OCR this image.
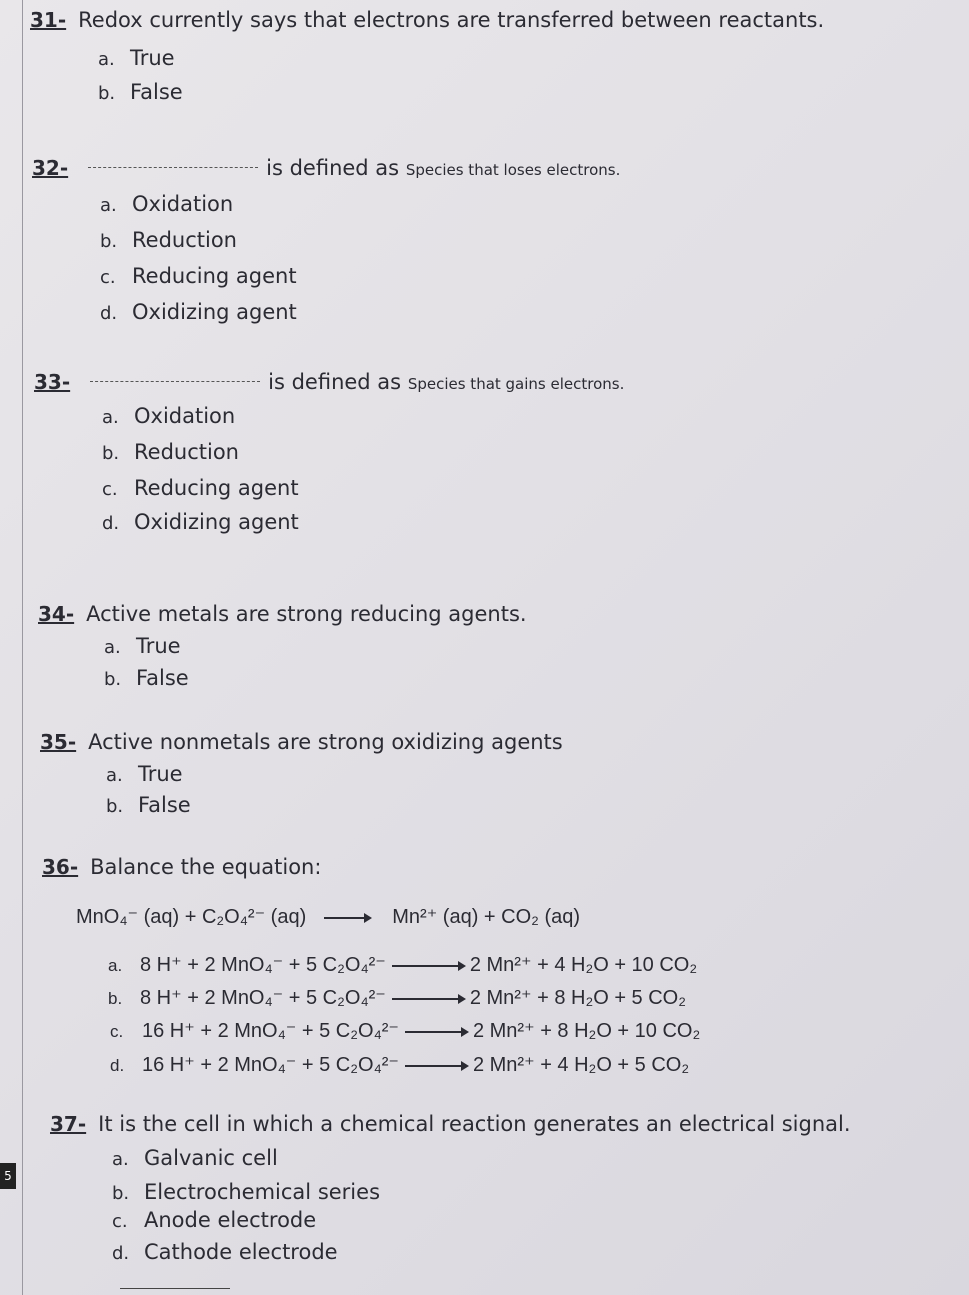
5
31- Redox currently says that electrons are transferred between reactants.
a. True
b. False
32-	is defined as Species that loses electrons.
a. Oxidation
b. Reduction
c. Reducing agent
d. Oxidizing agent
33-	is defined as Species that gains electrons.
a. Oxidation
b. Reduction
c. Reducing agent
d. Oxidizing agent
34- Active metals are strong reducing agents.
a. True
b. False
35- Active nonmetals are strong oxidizing agents
a. True
b. False
36- Balance the equation:
MnO₄⁻ (aq) + C₂O₄²⁻ (aq) → Mn²⁺ (aq) + CO₂ (aq)
a. 8 H⁺ + 2 MnO₄⁻ + 5 C₂O₄²⁻ → 2 Mn²⁺ + 4 H₂O + 10 CO₂
b. 8 H⁺ + 2 MnO₄⁻ + 5 C₂O₄²⁻ → 2 Mn²⁺ + 8 H₂O + 5 CO₂
c. 16 H⁺ + 2 MnO₄⁻ + 5 C₂O₄²⁻ → 2 Mn²⁺ + 8 H₂O + 10 CO₂
d. 16 H⁺ + 2 MnO₄⁻ + 5 C₂O₄²⁻ → 2 Mn²⁺ + 4 H₂O + 5 CO₂
37- It is the cell in which a chemical reaction generates an electrical signal.
a. Galvanic cell
b. Electrochemical series
c. Anode electrode
d. Cathode electrode
